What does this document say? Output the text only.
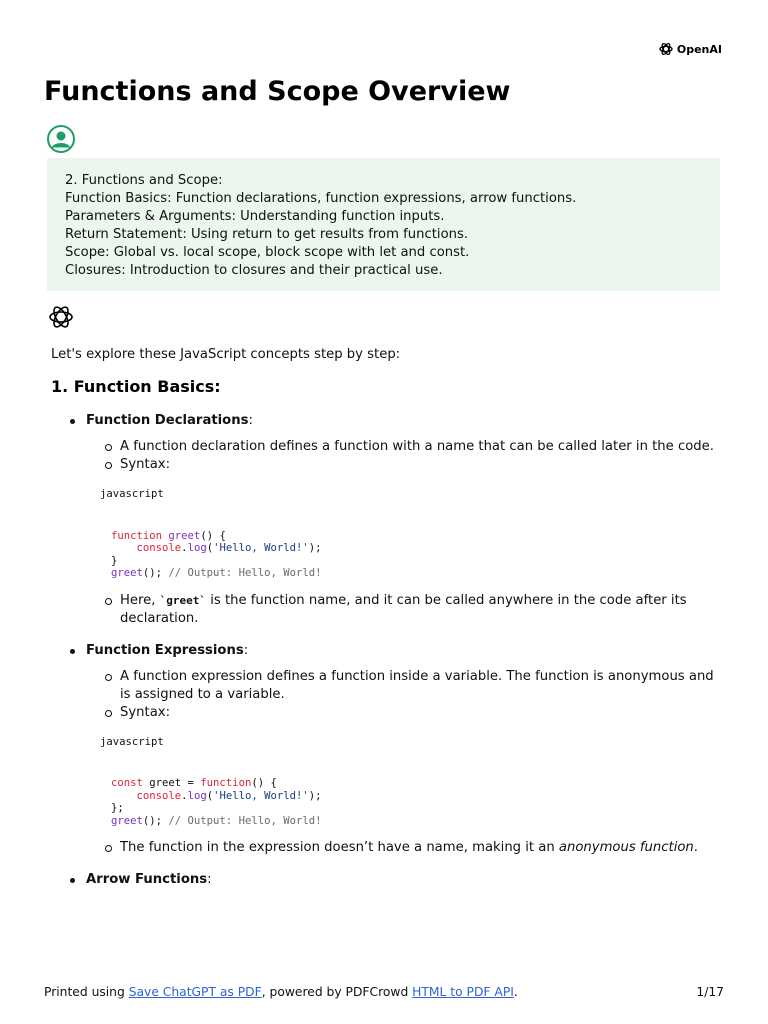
OpenAI
Functions and Scope Overview
2. Functions and Scope:
Function Basics: Function declarations, function expressions, arrow functions.
Parameters & Arguments: Understanding function inputs.
Return Statement: Using return to get results from functions.
Scope: Global vs. local scope, block scope with let and const.
Closures: Introduction to closures and their practical use.

Let's explore these JavaScript concepts step by step:

1. Function Basics:
Function Declarations:
A function declaration defines a function with a name that can be called later in the code.
Syntax:
javascript
function greet() {
console.log('Hello, World!');
}
greet(); // Output: Hello, World!
Here, `greet` is the function name, and it can be called anywhere in the code after its declaration.
Function Expressions:
A function expression defines a function inside a variable. The function is anonymous and is assigned to a variable.
Syntax:
javascript
const greet = function() {
console.log('Hello, World!');
};
greet(); // Output: Hello, World!
The function in the expression doesn’t have a name, making it an anonymous function.
Arrow Functions:
Printed using Save ChatGPT as PDF, powered by PDFCrowd HTML to PDF API.	1/17
